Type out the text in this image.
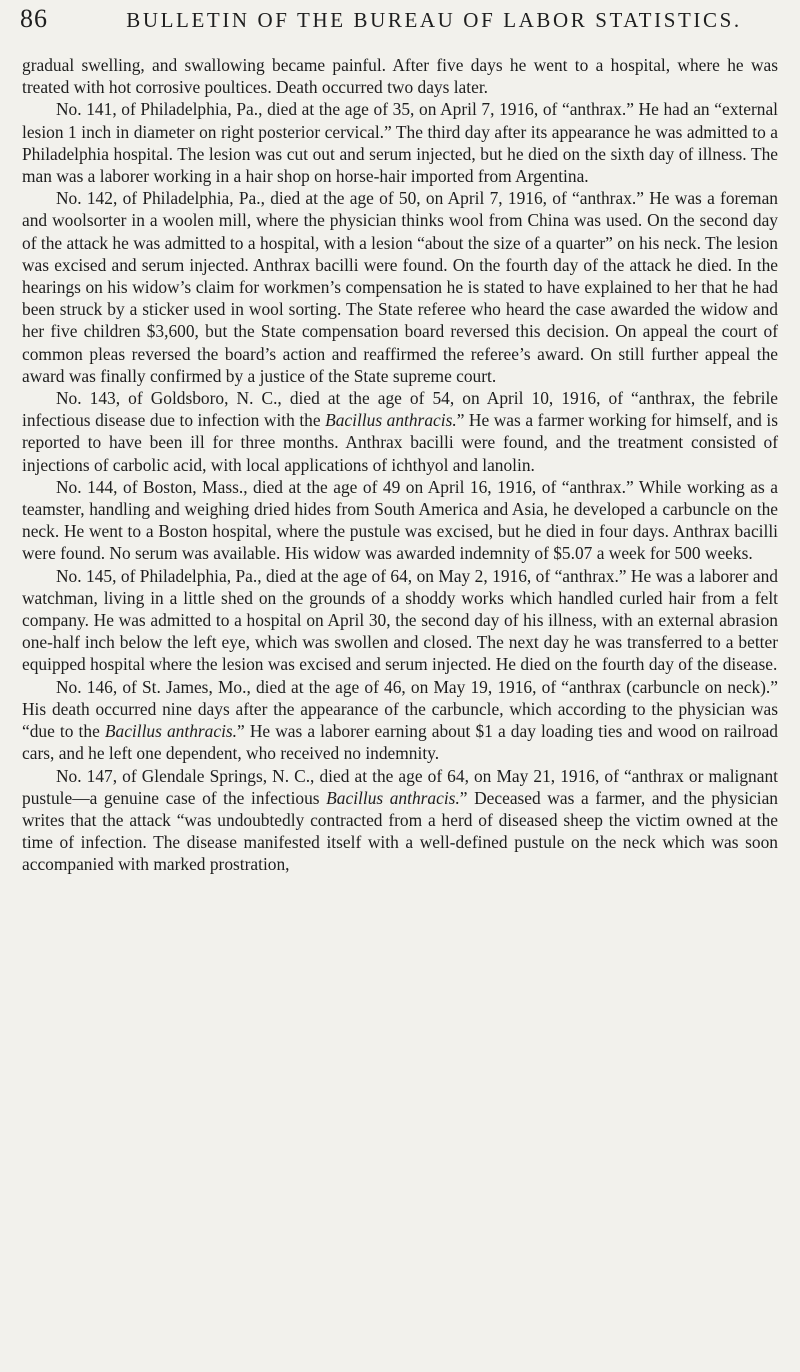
86	BULLETIN OF THE BUREAU OF LABOR STATISTICS.

gradual swelling, and swallowing became painful. After five days he went to a hospital, where he was treated with hot corrosive poultices. Death occurred two days later.

No. 141, of Philadelphia, Pa., died at the age of 35, on April 7, 1916, of “anthrax.” He had an “external lesion 1 inch in diameter on right posterior cervical.” The third day after its appearance he was admitted to a Philadelphia hospital. The lesion was cut out and serum injected, but he died on the sixth day of illness. The man was a laborer working in a hair shop on horse-hair imported from Argentina.

No. 142, of Philadelphia, Pa., died at the age of 50, on April 7, 1916, of “anthrax.” He was a foreman and woolsorter in a woolen mill, where the physician thinks wool from China was used. On the second day of the attack he was admitted to a hospital, with a lesion “about the size of a quarter” on his neck. The lesion was excised and serum injected. Anthrax bacilli were found. On the fourth day of the attack he died. In the hearings on his widow’s claim for workmen’s compensation he is stated to have explained to her that he had been struck by a sticker used in wool sorting. The State referee who heard the case awarded the widow and her five children $3,600, but the State compensation board reversed this decision. On appeal the court of common pleas reversed the board’s action and reaffirmed the referee’s award. On still further appeal the award was finally confirmed by a justice of the State supreme court.

No. 143, of Goldsboro, N. C., died at the age of 54, on April 10, 1916, of “anthrax, the febrile infectious disease due to infection with the Bacillus anthracis.” He was a farmer working for himself, and is reported to have been ill for three months. Anthrax bacilli were found, and the treatment consisted of injections of carbolic acid, with local applications of ichthyol and lanolin.

No. 144, of Boston, Mass., died at the age of 49 on April 16, 1916, of “anthrax.” While working as a teamster, handling and weighing dried hides from South America and Asia, he developed a carbuncle on the neck. He went to a Boston hospital, where the pustule was excised, but he died in four days. Anthrax bacilli were found. No serum was available. His widow was awarded indemnity of $5.07 a week for 500 weeks.

No. 145, of Philadelphia, Pa., died at the age of 64, on May 2, 1916, of “anthrax.” He was a laborer and watchman, living in a little shed on the grounds of a shoddy works which handled curled hair from a felt company. He was admitted to a hospital on April 30, the second day of his illness, with an external abrasion one-half inch below the left eye, which was swollen and closed. The next day he was transferred to a better equipped hospital where the lesion was excised and serum injected. He died on the fourth day of the disease.

No. 146, of St. James, Mo., died at the age of 46, on May 19, 1916, of “anthrax (carbuncle on neck).” His death occurred nine days after the appearance of the carbuncle, which according to the physician was “due to the Bacillus anthracis.” He was a laborer earning about $1 a day loading ties and wood on railroad cars, and he left one dependent, who received no indemnity.

No. 147, of Glendale Springs, N. C., died at the age of 64, on May 21, 1916, of “anthrax or malignant pustule—a genuine case of the infectious Bacillus anthracis.” Deceased was a farmer, and the physician writes that the attack “was undoubtedly contracted from a herd of diseased sheep the victim owned at the time of infection. The disease manifested itself with a well-defined pustule on the neck which was soon accompanied with marked prostration,
